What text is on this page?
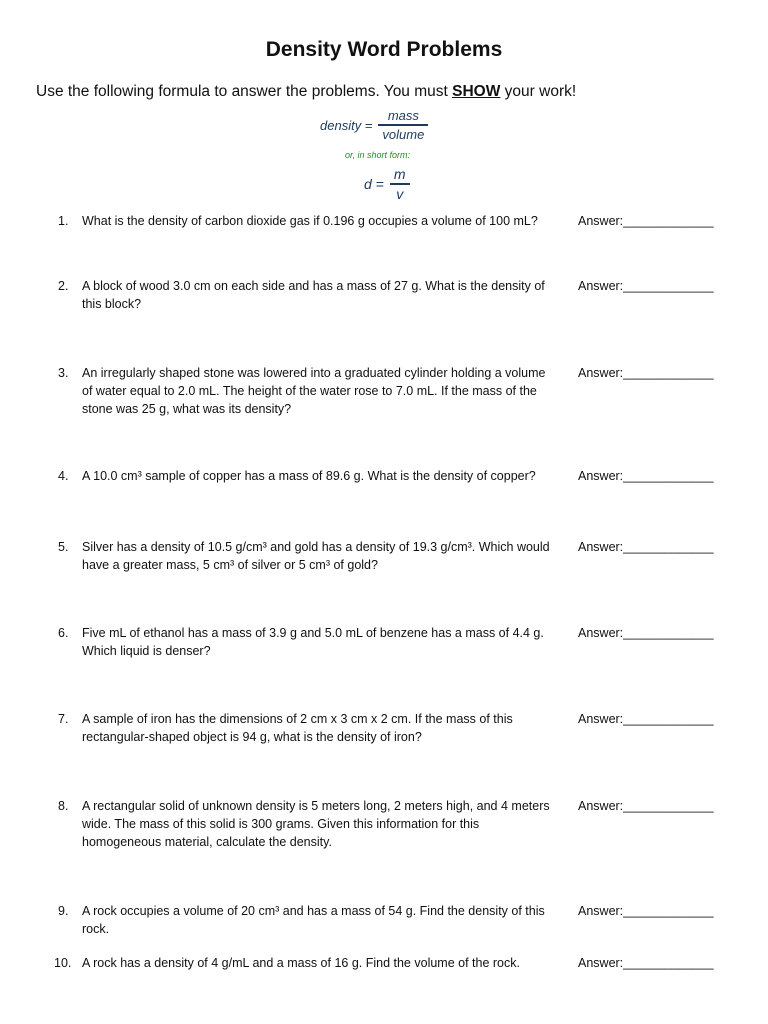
Density Word Problems
Use the following formula to answer the problems. You must SHOW your work!
density = $\frac{\text{mass}}{\text{volume}}$
or, in short form:
$d = \frac{m}{v}$
1. What is the density of carbon dioxide gas if 0.196 g occupies a volume of 100 mL?	Answer:_____________
2. A block of wood 3.0 cm on each side and has a mass of 27 g. What is the density of this block?
Answer:_____________
3. An irregularly shaped stone was lowered into a graduated cylinder holding a volume of water equal to 2.0 mL. The height of the water rose to 7.0 mL. If the mass of the stone was 25 g, what was its density?
Answer:_____________
4. A 10.0 cm³ sample of copper has a mass of 89.6 g. What is the density of copper?	Answer:_____________
5. Silver has a density of 10.5 g/cm³ and gold has a density of 19.3 g/cm³. Which would have a greater mass, 5 cm³ of silver or 5 cm³ of gold?
Answer:_____________
6. Five mL of ethanol has a mass of 3.9 g and 5.0 mL of benzene has a mass of 4.4 g. Which liquid is denser?
Answer:_____________
7. A sample of iron has the dimensions of 2 cm x 3 cm x 2 cm. If the mass of this rectangular-shaped object is 94 g, what is the density of iron?
Answer:_____________
8. A rectangular solid of unknown density is 5 meters long, 2 meters high, and 4 meters wide. The mass of this solid is 300 grams. Given this information for this homogeneous material, calculate the density.
Answer:_____________
9. A rock occupies a volume of 20 cm³ and has a mass of 54 g. Find the density of this rock.
Answer:_____________
10. A rock has a density of 4 g/mL and a mass of 16 g. Find the volume of the rock.	Answer:_____________
